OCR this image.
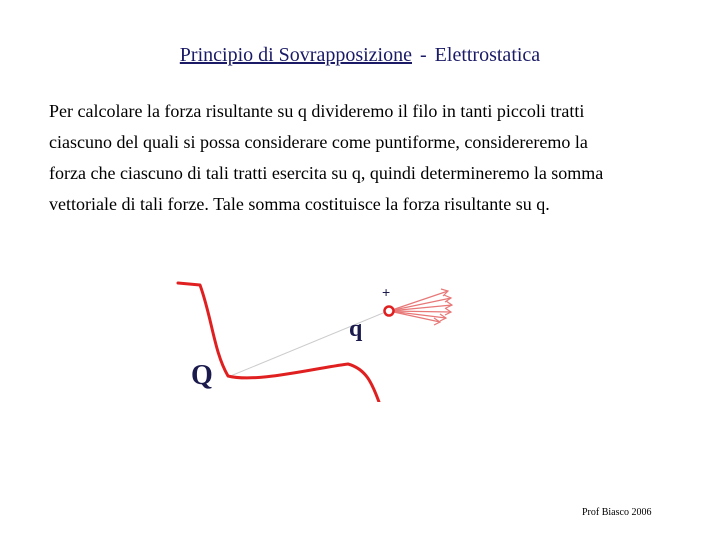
Principio di Sovrapposizione - Elettrostatica

Per calcolare la forza risultante su q divideremo il filo in tanti piccoli tratti

ciascuno del quali si possa considerare come puntiforme, considereremo la

forza che ciascuno di tali tratti esercita su q, quindi determineremo la somma

vettoriale di tali forze. Tale somma costituisce la forza risultante su q.

+
q
Q
Prof Biasco 2006
